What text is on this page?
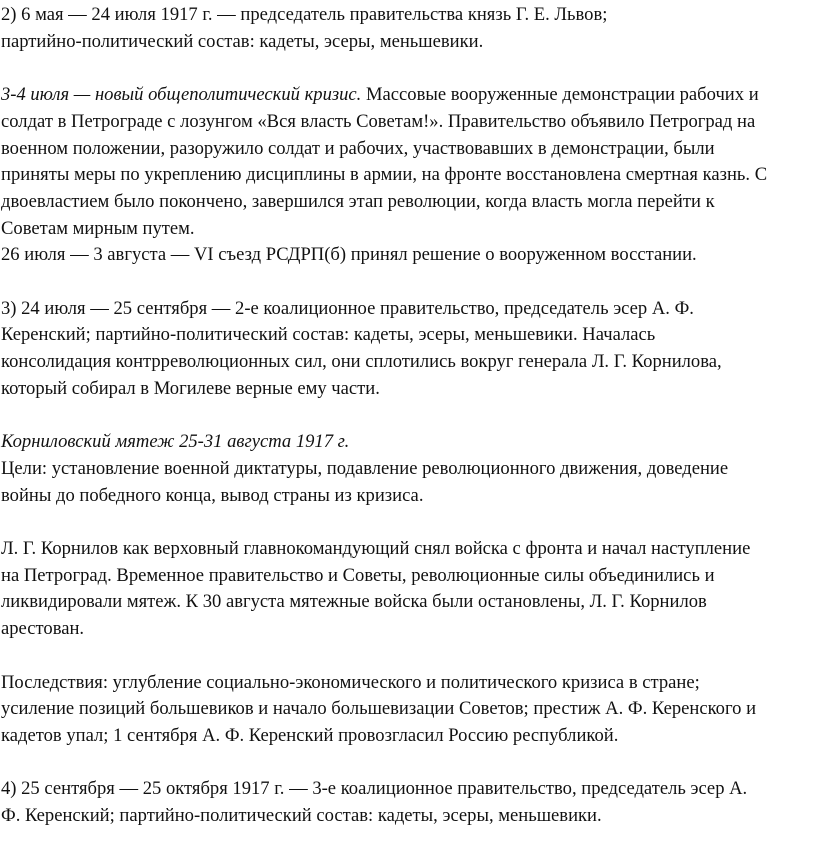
2) 6 мая — 24 июля 1917 г. — председатель правительства князь Г. Е. Львов;
партийно-политический состав: кадеты, эсеры, меньшевики.
3-4 июля — новый общеполитический кризис. Массовые вооруженные демонстрации рабочих и
солдат в Петрограде с лозунгом «Вся власть Советам!». Правительство объявило Петроград на
военном положении, разоружило солдат и рабочих, участвовавших в демонстрации, были
приняты меры по укреплению дисциплины в армии, на фронте восстановлена смертная казнь. С
двоевластием было покончено, завершился этап революции, когда власть могла перейти к
Советам мирным путем.
26 июля — 3 августа — VI съезд РСДРП(б) принял решение о вооруженном восстании.
3) 24 июля — 25 сентября — 2-е коалиционное правительство, председатель эсер А. Ф.
Керенский; партийно-политический состав: кадеты, эсеры, меньшевики. Началась
консолидация контрреволюционных сил, они сплотились вокруг генерала Л. Г. Корнилова,
который собирал в Могилеве верные ему части.
Корниловский мятеж 25-31 августа 1917 г.
Цели: установление военной диктатуры, подавление революционного движения, доведение
войны до победного конца, вывод страны из кризиса.
Л. Г. Корнилов как верховный главнокомандующий снял войска с фронта и начал наступление
на Петроград. Временное правительство и Советы, революционные силы объединились и
ликвидировали мятеж. К 30 августа мятежные войска были остановлены, Л. Г. Корнилов
арестован.
Последствия: углубление социально-экономического и политического кризиса в стране;
усиление позиций большевиков и начало большевизации Советов; престиж А. Ф. Керенского и
кадетов упал; 1 сентября А. Ф. Керенский провозгласил Россию республикой.
4) 25 сентября — 25 октября 1917 г. — 3-е коалиционное правительство, председатель эсер А.
Ф. Керенский; партийно-политический состав: кадеты, эсеры, меньшевики.
